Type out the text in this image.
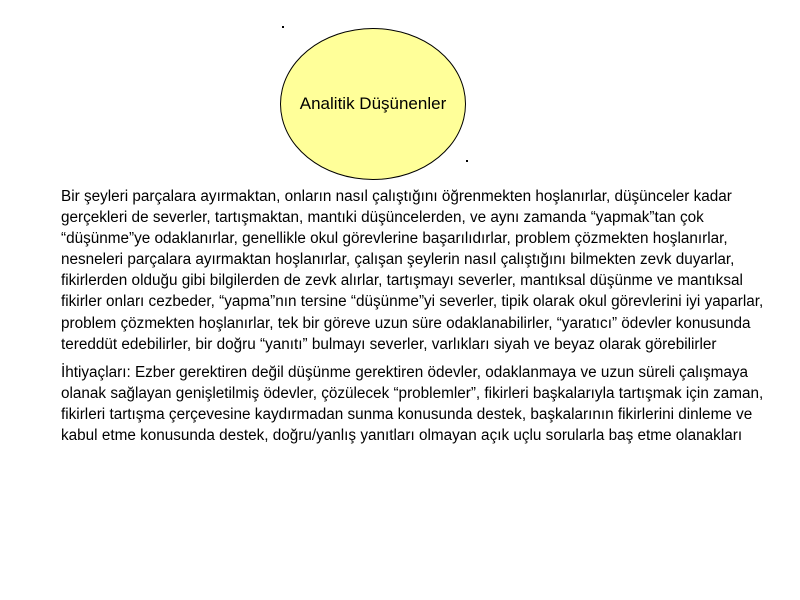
Analitik Düşünenler

Bir şeyleri parçalara ayırmaktan, onların nasıl çalıştığını öğrenmekten hoşlanırlar, düşünceler kadar gerçekleri de severler, tartışmaktan, mantıki düşüncelerden, ve aynı zamanda “yapmak”tan çok “düşünme”ye odaklanırlar, genellikle okul görevlerine başarılıdırlar, problem çözmekten hoşlanırlar, nesneleri parçalara ayırmaktan hoşlanırlar, çalışan şeylerin nasıl çalıştığını bilmekten zevk duyarlar, fikirlerden olduğu gibi bilgilerden de zevk alırlar, tartışmayı severler, mantıksal düşünme ve mantıksal fikirler onları cezbeder, “yapma”nın tersine “düşünme”yi severler, tipik olarak okul görevlerini iyi yaparlar, problem çözmekten hoşlanırlar, tek bir göreve uzun süre odaklanabilirler, “yaratıcı” ödevler konusunda tereddüt edebilirler, bir doğru “yanıtı” bulmayı severler, varlıkları siyah ve beyaz olarak görebilirler

İhtiyaçları: Ezber gerektiren değil düşünme gerektiren ödevler, odaklanmaya ve uzun süreli çalışmaya olanak sağlayan genişletilmiş ödevler, çözülecek “problemler”, fikirleri başkalarıyla tartışmak için zaman, fikirleri tartışma çerçevesine kaydırmadan sunma konusunda destek, başkalarının fikirlerini dinleme ve kabul etme konusunda destek, doğru/yanlış yanıtları olmayan açık uçlu sorularla baş etme olanakları
